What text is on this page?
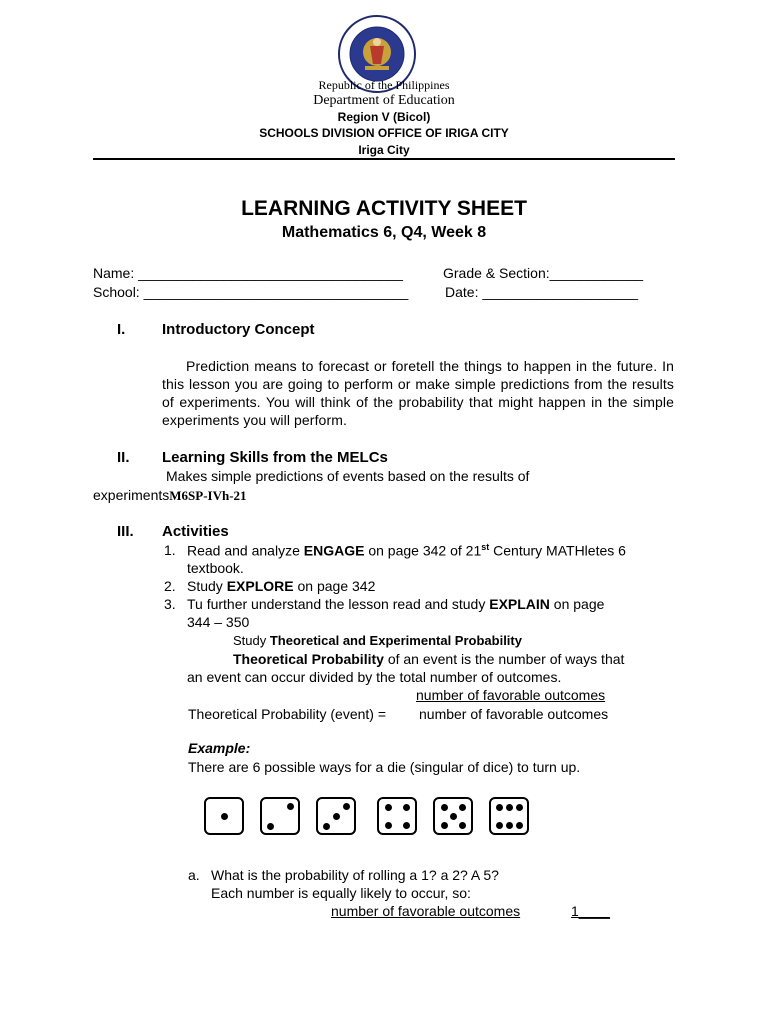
Republic of the Philippines
Department of Education
Region V (Bicol)
SCHOOLS DIVISION OFFICE OF IRIGA CITY
Iriga City
LEARNING ACTIVITY SHEET
Mathematics 6, Q4, Week 8
Name: __________________________________	Grade & Section:____________
School: __________________________________	Date: ____________________
I. Introductory Concept
Prediction means to forecast or foretell the things to happen in the future. In this lesson you are going to perform or make simple predictions from the results of experiments. You will think of the probability that might happen in the simple experiments you will perform.
II. Learning Skills from the MELCs
Makes simple predictions of events based on the results of
experimentsM6SP-IVh-21
III. Activities
1. Read and analyze ENGAGE on page 342 of 21st Century MATHletes 6
textbook.
2. Study EXPLORE on page 342
3. Tu further understand the lesson read and study EXPLAIN on page
344 – 350
Study Theoretical and Experimental Probability
Theoretical Probability of an event is the number of ways that
an event can occur divided by the total number of outcomes.
number of favorable outcomes
Theoretical Probability (event) = number of favorable outcomes
Example:
There are 6 possible ways for a die (singular of dice) to turn up.
a. What is the probability of rolling a 1? a 2? A 5?
Each number is equally likely to occur, so:
number of favorable outcomes	1____
